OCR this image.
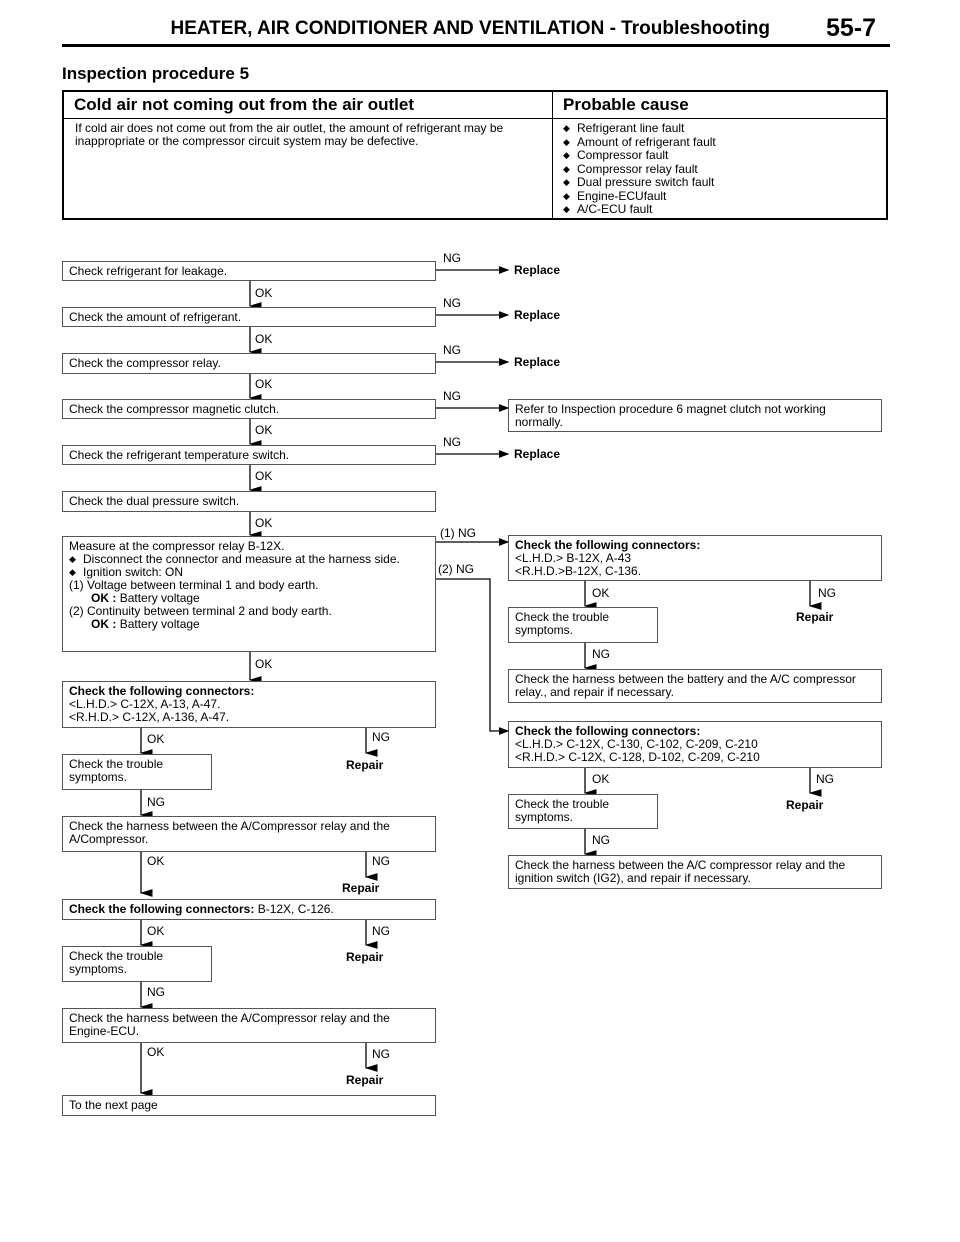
HEATER, AIR CONDITIONER AND VENTILATION - Troubleshooting 55-7
Inspection procedure 5
Cold air not coming out from the air outlet
If cold air does not come out from the air outlet, the amount of refrigerant may be inappropriate or the compressor circuit system may be defective.
Probable cause
◆ Refrigerant line fault
◆ Amount of refrigerant fault
◆ Compressor fault
◆ Compressor relay fault
◆ Dual pressure switch fault
◆ Engine-ECUfault
◆ A/C-ECU fault
Check refrigerant for leakage.
Check the amount of refrigerant.
Check the compressor relay.
Check the compressor magnetic clutch.
Check the refrigerant temperature switch.
Check the dual pressure switch.
Measure at the compressor relay B-12X.
◆ Disconnect the connector and measure at the harness side.
◆ Ignition switch: ON
(1) Voltage between terminal 1 and body earth.
OK : Battery voltage
(2) Continuity between terminal 2 and body earth.
OK : Battery voltage
Check the following connectors:
<L.H.D.> C-12X, A-13, A-47.
<R.H.D.> C-12X, A-136, A-47.
Check the trouble symptoms.
Check the harness between the A/Compressor relay and the A/Compressor.
Check the following connectors: B-12X, C-126.
Check the trouble symptoms.
Check the harness between the A/Compressor relay and the Engine-ECU.
To the next page
Refer to Inspection procedure 6 magnet clutch not working normally.
Check the following connectors:
<L.H.D.> B-12X, A-43
<R.H.D.>B-12X, C-136.
Check the trouble symptoms.
Check the harness between the battery and the A/C compressor relay., and repair if necessary.
Check the following connectors:
<L.H.D.> C-12X, C-130, C-102, C-209, C-210
<R.H.D.> C-12X, C-128, D-102, C-209, C-210
Check the trouble symptoms.
Check the harness between the A/C compressor relay and the ignition switch (IG2), and repair if necessary.
NG
Replace
NG
Replace
NG
Replace
NG
NG
Replace
OK
OK
OK
OK
OK
OK
OK
(1) NG
(2) NG
OK	NG
Repair
NG
OK	NG
Repair
NG
OK	NG
Repair
NG
OK	NG
Repair
OK	NG
Repair
NG
OK	NG
Repair
